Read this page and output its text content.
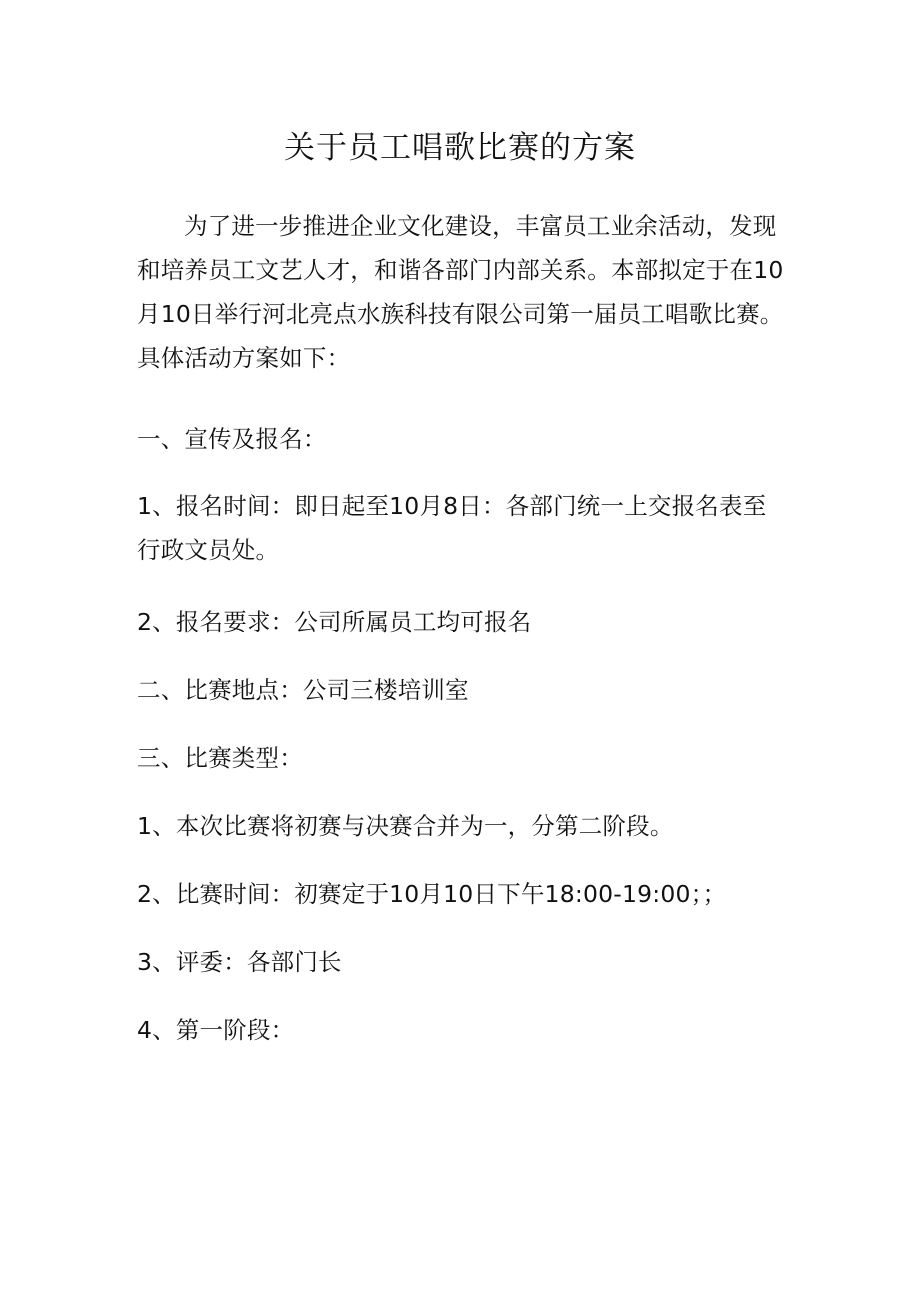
关于员工唱歌比赛的方案

为了进一步推进企业文化建设，丰富员工业余活动，发现和培养员工文艺人才，和谐各部门内部关系。本部拟定于在10月10日举行河北亮点水族科技有限公司第一届员工唱歌比赛。具体活动方案如下：

一、宣传及报名：

1、报名时间：即日起至10月8日：各部门统一上交报名表至行政文员处。

2、报名要求：公司所属员工均可报名

二、比赛地点：公司三楼培训室

三、比赛类型：

1、本次比赛将初赛与决赛合并为一，分第二阶段。

2、比赛时间：初赛定于10月10日下午18:00-19:00；；

3、评委：各部门长

4、第一阶段：
